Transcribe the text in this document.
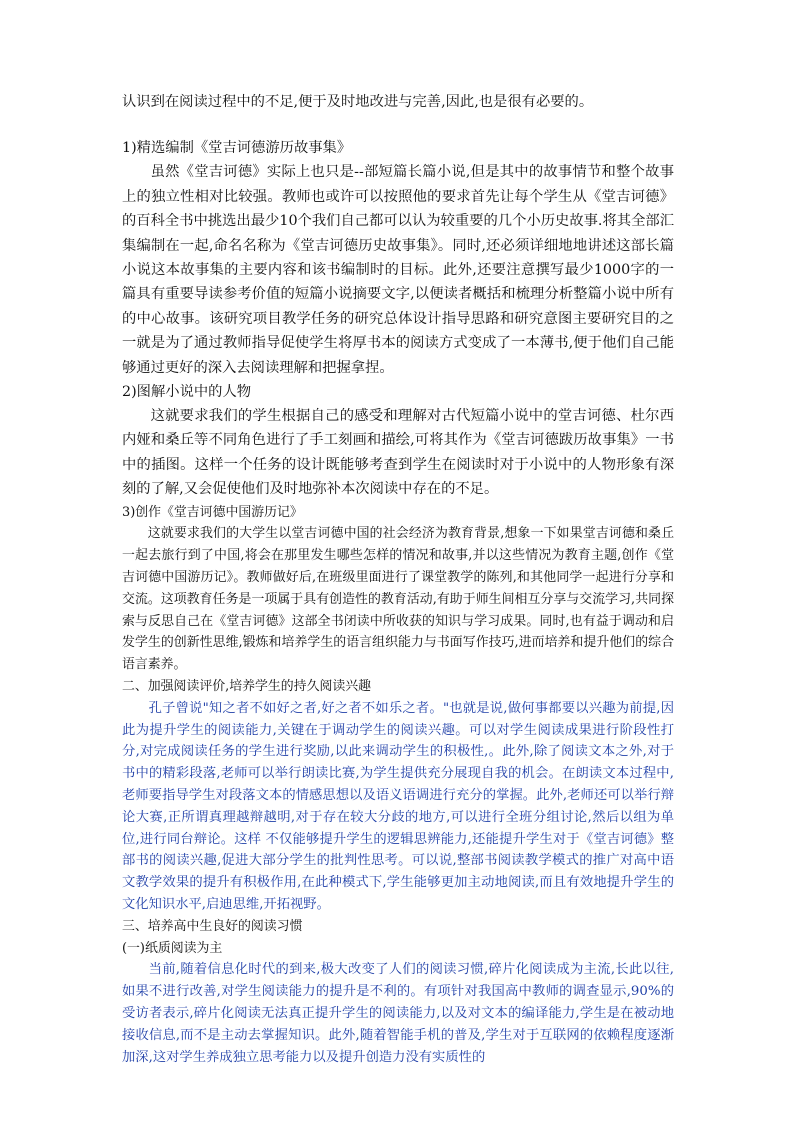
认识到在阅读过程中的不足,便于及时地改进与完善,因此,也是很有必要的。

1)精选编制《堂吉诃德游历故事集》

虽然《堂吉诃德》实际上也只是--部短篇长篇小说,但是其中的故事情节和整个故事上的独立性相对比较强。教师也或许可以按照他的要求首先让每个学生从《堂吉诃德》的百科全书中挑选出最少10个我们自己都可以认为较重要的几个小历史故事.将其全部汇集编制在一起,命名名称为《堂吉诃德历史故事集》。同时,还必须详细地地讲述这部长篇小说这本故事集的主要内容和该书编制时的目标。此外,还要注意撰写最少1000字的一篇具有重要导读参考价值的短篇小说摘要文字,以便读者概括和梳理分析整篇小说中所有的中心故事。该研究项目教学任务的研究总体设计指导思路和研究意图主要研究目的之一就是为了通过教师指导促使学生将厚书本的阅读方式变成了一本薄书,便于他们自己能够通过更好的深入去阅读理解和把握拿捏。

2)图解小说中的人物

这就要求我们的学生根据自己的感受和理解对古代短篇小说中的堂吉诃德、杜尔西内娅和桑丘等不同角色进行了手工刻画和描绘,可将其作为《堂吉诃德跋历故事集》一书中的插图。这样一个任务的设计既能够考查到学生在阅读时对于小说中的人物形象有深刻的了解,又会促使他们及时地弥补本次阅读中存在的不足。

3)创作《堂吉诃德中国游历记》

这就要求我们的大学生以堂吉诃德中国的社会经济为教育背景,想象一下如果堂吉诃德和桑丘一起去旅行到了中国,将会在那里发生哪些怎样的情况和故事,并以这些情况为教育主题,创作《堂吉诃德中国游历记》。教师做好后,在班级里面进行了课堂教学的陈列,和其他同学一起进行分享和交流。这项教育任务是一项属于具有创造性的教育活动,有助于师生间相互分享与交流学习,共同探索与反思自己在《堂吉诃德》这部全书闭读中所收获的知识与学习成果。同时,也有益于调动和启发学生的创新性思维,锻炼和培养学生的语言组织能力与书面写作技巧,进而培养和提升他们的综合语言素养。

二、加强阅读评价,培养学生的持久阅读兴趣

孔子曾说"知之者不如好之者,好之者不如乐之者。"也就是说,做何事都要以兴趣为前提,因此为提升学生的阅读能力,关键在于调动学生的阅读兴趣。可以对学生阅读成果进行阶段性打分,对完成阅读任务的学生进行奖励,以此来调动学生的积极性,。此外,除了阅读文本之外,对于书中的精彩段落,老师可以举行朗读比赛,为学生提供充分展现自我的机会。在朗读文本过程中,老师要指导学生对段落文本的情感思想以及语义语调进行充分的掌握。此外,老师还可以举行辩论大赛,正所谓真理越辩越明,对于存在较大分歧的地方,可以进行全班分组讨论,然后以组为单位,进行同台辩论。这样 不仅能够提升学生的逻辑思辨能力,还能提升学生对于《堂吉诃德》整部书的阅读兴趣,促进大部分学生的批判性思考。可以说,整部书阅读教学模式的推广对高中语文教学效果的提升有积极作用,在此种模式下,学生能够更加主动地阅读,而且有效地提升学生的文化知识水平,启迪思维,开拓视野。

三、培养高中生良好的阅读习惯

(一)纸质阅读为主

当前,随着信息化时代的到来,极大改变了人们的阅读习惯,碎片化阅读成为主流,长此以往,如果不进行改善,对学生阅读能力的提升是不利的。有项针对我国高中教师的调查显示,90%的受访者表示,碎片化阅读无法真正提升学生的阅读能力,以及对文本的编译能力,学生是在被动地接收信息,而不是主动去掌握知识。此外,随着智能手机的普及,学生对于互联网的依赖程度逐渐加深,这对学生养成独立思考能力以及提升创造力没有实质性的
